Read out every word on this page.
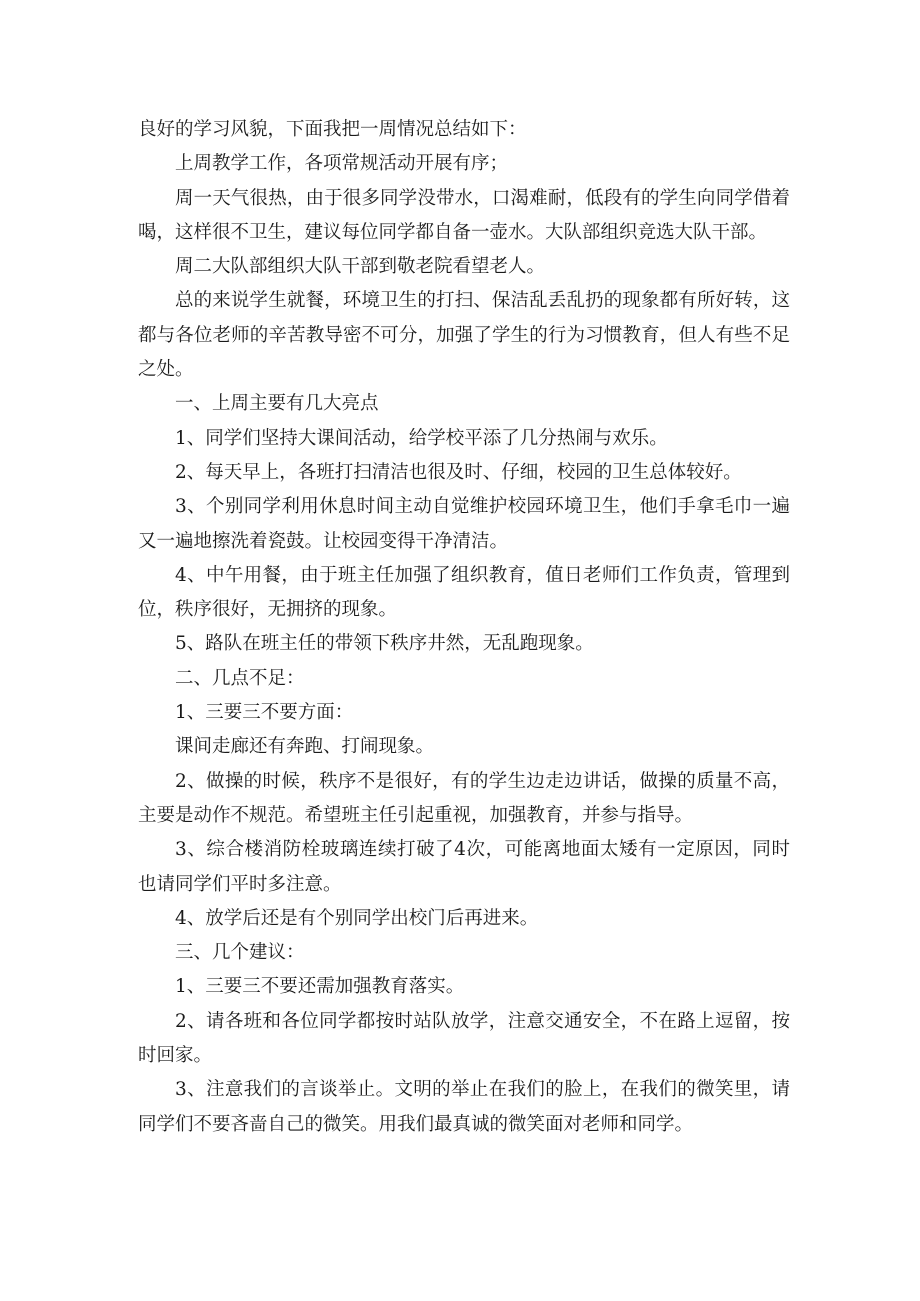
良好的学习风貌，下面我把一周情况总结如下：

上周教学工作，各项常规活动开展有序；

周一天气很热，由于很多同学没带水，口渴难耐，低段有的学生向同学借着喝，这样很不卫生，建议每位同学都自备一壶水。大队部组织竞选大队干部。

周二大队部组织大队干部到敬老院看望老人。

总的来说学生就餐，环境卫生的打扫、保洁乱丢乱扔的现象都有所好转，这都与各位老师的辛苦教导密不可分，加强了学生的行为习惯教育，但人有些不足之处。

一、上周主要有几大亮点

1、同学们坚持大课间活动，给学校平添了几分热闹与欢乐。

2、每天早上，各班打扫清洁也很及时、仔细，校园的卫生总体较好。

3、个别同学利用休息时间主动自觉维护校园环境卫生，他们手拿毛巾一遍又一遍地擦洗着瓷鼓。让校园变得干净清洁。

4、中午用餐，由于班主任加强了组织教育，值日老师们工作负责，管理到位，秩序很好，无拥挤的现象。

5、路队在班主任的带领下秩序井然，无乱跑现象。

二、几点不足：

1、三要三不要方面：

课间走廊还有奔跑、打闹现象。

2、做操的时候，秩序不是很好，有的学生边走边讲话，做操的质量不高，主要是动作不规范。希望班主任引起重视，加强教育，并参与指导。

3、综合楼消防栓玻璃连续打破了4次，可能离地面太矮有一定原因，同时也请同学们平时多注意。

4、放学后还是有个别同学出校门后再进来。

三、几个建议：

1、三要三不要还需加强教育落实。

2、请各班和各位同学都按时站队放学，注意交通安全，不在路上逗留，按时回家。

3、注意我们的言谈举止。文明的举止在我们的脸上，在我们的微笑里，请同学们不要吝啬自己的微笑。用我们最真诚的微笑面对老师和同学。
